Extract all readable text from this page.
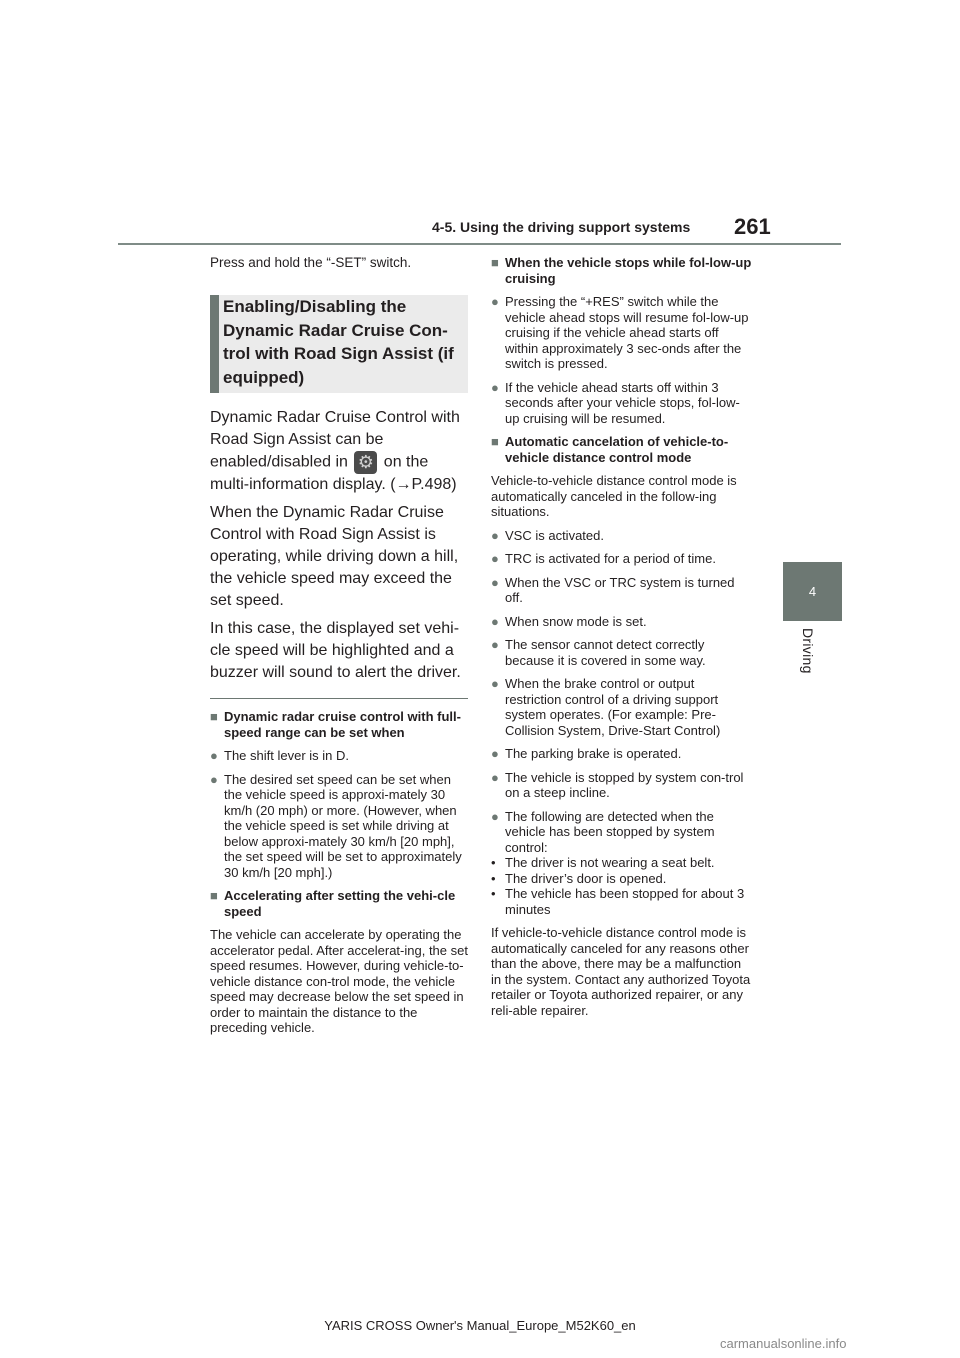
4-5. Using the driving support systems 261
4
Driving

Press and hold the “-SET” switch.

Enabling/Disabling the Dynamic Radar Cruise Con-trol with Road Sign Assist (if equipped)

Dynamic Radar Cruise Control with Road Sign Assist can be enabled/disabled in ⚙ on the multi-information display. (→P.498)

When the Dynamic Radar Cruise Control with Road Sign Assist is operating, while driving down a hill, the vehicle speed may exceed the set speed.

In this case, the displayed set vehi-cle speed will be highlighted and a buzzer will sound to alert the driver.

■ Dynamic radar cruise control with full-speed range can be set when
● The shift lever is in D.
● The desired set speed can be set when the vehicle speed is approxi-mately 30 km/h (20 mph) or more. (However, when the vehicle speed is set while driving at below approxi-mately 30 km/h [20 mph], the set speed will be set to approximately 30 km/h [20 mph].)
■ Accelerating after setting the vehi-cle speed

The vehicle can accelerate by operating the accelerator pedal. After accelerat-ing, the set speed resumes. However, during vehicle-to-vehicle distance con-trol mode, the vehicle speed may decrease below the set speed in order to maintain the distance to the preceding vehicle.

■ When the vehicle stops while fol-low-up cruising
● Pressing the “+RES” switch while the vehicle ahead stops will resume fol-low-up cruising if the vehicle ahead starts off within approximately 3 sec-onds after the switch is pressed.
● If the vehicle ahead starts off within 3 seconds after your vehicle stops, fol-low-up cruising will be resumed.
■ Automatic cancelation of vehicle-to-vehicle distance control mode

Vehicle-to-vehicle distance control mode is automatically canceled in the follow-ing situations.

● VSC is activated.
● TRC is activated for a period of time.
● When the VSC or TRC system is turned off.
● When snow mode is set.
● The sensor cannot detect correctly because it is covered in some way.
● When the brake control or output restriction control of a driving support system operates. (For example: Pre-Collision System, Drive-Start Control)
● The parking brake is operated.
● The vehicle is stopped by system con-trol on a steep incline.
● The following are detected when the vehicle has been stopped by system control:
• The driver is not wearing a seat belt.
• The driver’s door is opened.
• The vehicle has been stopped for about 3 minutes

If vehicle-to-vehicle distance control mode is automatically canceled for any reasons other than the above, there may be a malfunction in the system. Contact any authorized Toyota retailer or Toyota authorized repairer, or any reli-able repairer.

YARIS CROSS Owner's Manual_Europe_M52K60_en
carmanualsonline.info
